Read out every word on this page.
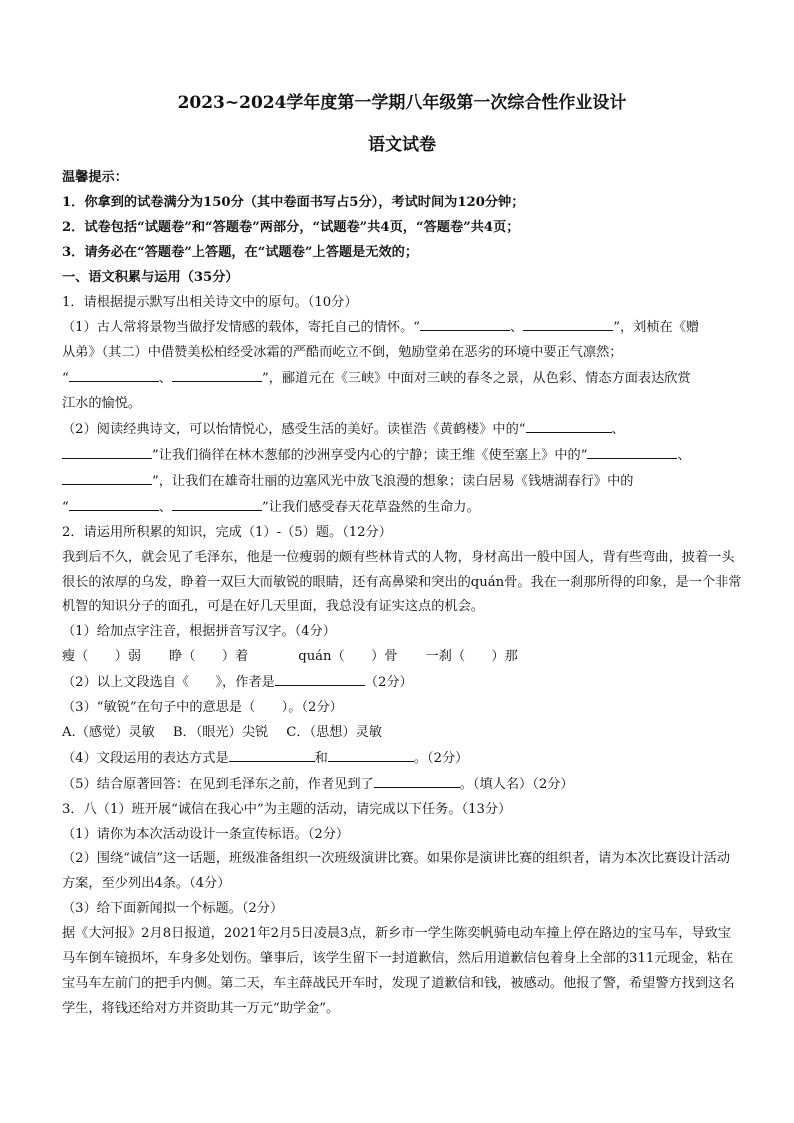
2023~2024学年度第一学期八年级第一次综合性作业设计
语文试卷
温馨提示：
1．你拿到的试卷满分为150分（其中卷面书写占5分），考试时间为120分钟；
2．试卷包括“试题卷”和“答题卷”两部分，“试题卷”共4页，“答题卷”共4页；
3．请务必在“答题卷”上答题，在“试题卷”上答题是无效的；
一、语文积累与运用（35分）
1．请根据提示默写出相关诗文中的原句。（10分）
（1）古人常将景物当做抒发情感的载体，寄托自己的情怀。“	、	”，刘桢在《赠
从弟》（其二）中借赞美松柏经受冰霜的严酷而屹立不倒，勉励堂弟在恶劣的环境中要正气凛然；
“	、	”，郦道元在《三峡》中面对三峡的春冬之景，从色彩、情态方面表达欣赏
江水的愉悦。
（2）阅读经典诗文，可以怡情悦心，感受生活的美好。读崔浩《黄鹤楼》中的“	、
”让我们徜徉在林木葱郁的沙洲享受内心的宁静；读王维《使至塞上》中的“	、
”，让我们在雄奇壮丽的边塞风光中放飞浪漫的想象；读白居易《钱塘湖春行》中的
“	、	”让我们感受春天花草盎然的生命力。
2．请运用所积累的知识，完成（1）-（5）题。（12分）
我到后不久，就会见了毛泽东，他是一位瘦弱的颇有些林肯式的人物，身材高出一般中国人，背有些弯曲，披着一头很长的浓厚的乌发，睁着一双巨大而敏锐的眼睛，还有高鼻梁和突出的quán骨。我在一刹那所得的印象，是一个非常机智的知识分子的面孔，可是在好几天里面，我总没有证实这点的机会。
（1）给加点字注音，根据拼音写汉字。（4分）
瘦（　　）弱 睁（　　）着	quán（　　）骨 一刹（　　）那
（2）以上文段选自《　　》，作者是	（2分）
（3）“敏锐”在句子中的意思是（　　）。（2分）
A.（感觉）灵敏 B．（眼光）尖锐 C．（思想）灵敏
（4）文段运用的表达方式是	和	。（2分）
（5）结合原著回答：在见到毛泽东之前，作者见到了	。（填人名）（2分）
3．八（1）班开展“诚信在我心中”为主题的活动，请完成以下任务。（13分）
（1）请你为本次活动设计一条宣传标语。（2分）
（2）围绕“诚信”这一话题，班级准备组织一次班级演讲比赛。如果你是演讲比赛的组织者，请为本次比赛设计活动方案，至少列出4条。（4分）
（3）给下面新闻拟一个标题。（2分）
据《大河报》2月8日报道，2021年2月5日凌晨3点，新乡市一学生陈奕帆骑电动车撞上停在路边的宝马车，导致宝马车倒车镜损坏，车身多处划伤。肇事后，该学生留下一封道歉信，然后用道歉信包着身上全部的311元现金，粘在宝马车左前门的把手内侧。第二天，车主薛战民开车时，发现了道歉信和钱，被感动。他报了警，希望警方找到这名学生，将钱还给对方并资助其一万元“助学金”。
